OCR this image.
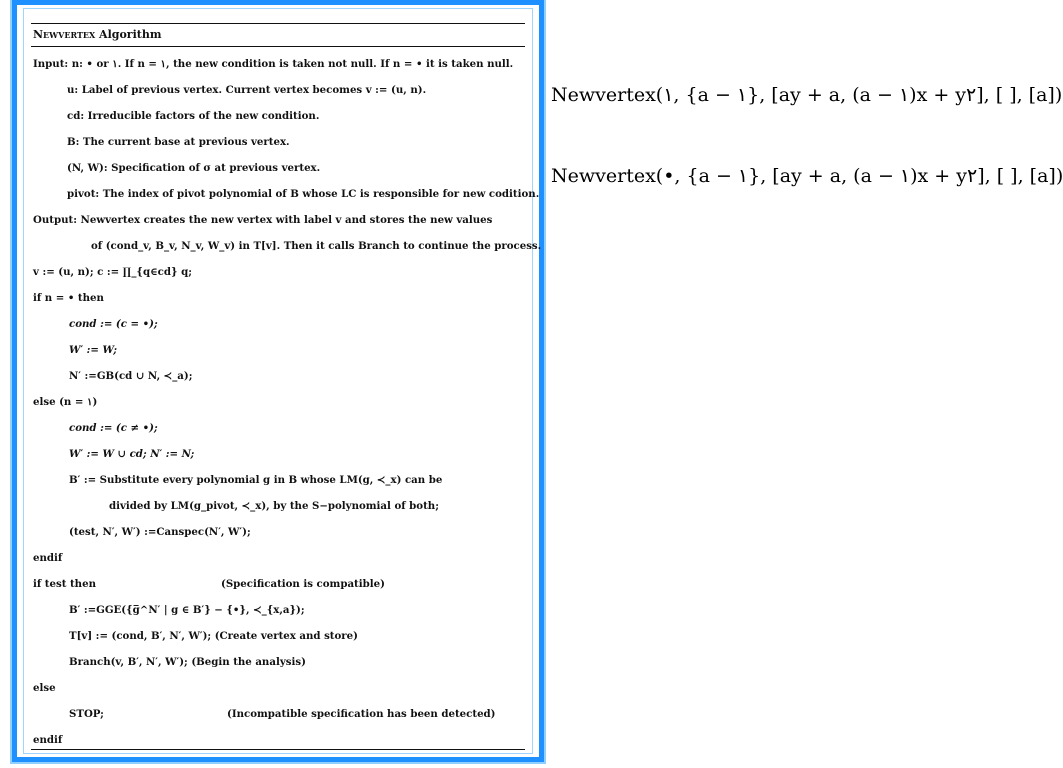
Newvertex Algorithm
Input: n: • or ١. If n = ١, the new condition is taken not null. If n = • it is taken null.
u: Label of previous vertex. Current vertex becomes v := (u, n).
cd: Irreducible factors of the new condition.
B: The current base at previous vertex.
(N, W): Specification of σ at previous vertex.
pivot: The index of pivot polynomial of B whose LC is responsible for new codition.
Output: Newvertex creates the new vertex with label v and stores the new values
of (cond_v, B_v, N_v, W_v) in T[v]. Then it calls Branch to continue the process.
v := (u, n); c := ∏_{q∈cd} q;
if n = • then
cond := (c = •);
W′ := W;
N′ :=GB(cd ∪ N, ≺_a);
else (n = ١)
cond := (c ≠ •);
W′ := W ∪ cd; N′ := N;
B′ := Substitute every polynomial g in B whose LM(g, ≺_x) can be
divided by LM(g_pivot, ≺_x), by the S−polynomial of both;
(test, N′, W′) :=Canspec(N′, W′);
endif
if test then	(Specification is compatible)
B′ :=GGE({g̅^N′ | g ∈ B′} − {•}, ≺_{x,a});
T[v] := (cond, B′, N′, W′); (Create vertex and store)
Branch(v, B′, N′, W′); (Begin the analysis)
else
STOP;	(Incompatible specification has been detected)
endif
Newvertex(١, {a − ١}, [ay + a, (a − ١)x + y٢], [ ], [a])
Newvertex(•, {a − ١}, [ay + a, (a − ١)x + y٢], [ ], [a])
